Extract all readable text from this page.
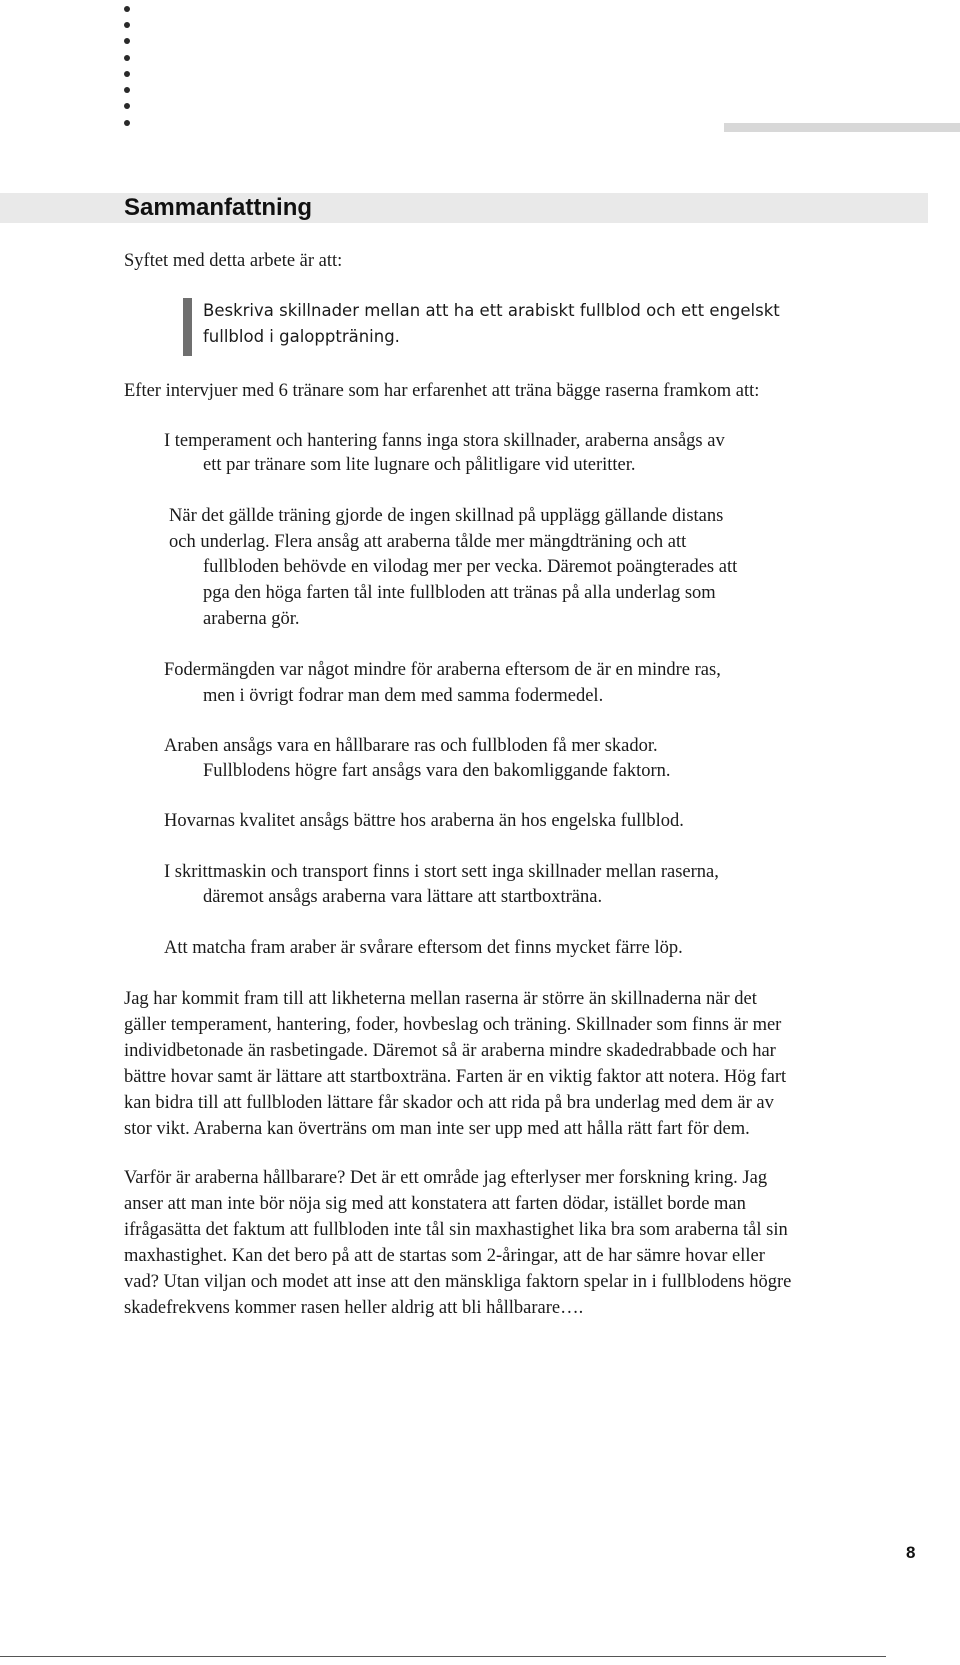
Sammanfattning

Syftet med detta arbete är att:

Beskriva skillnader mellan att ha ett arabiskt fullblod och ett engelskt

fullblod i galoppträning.

Efter intervjuer med 6 tränare som har erfarenhet att träna bägge raserna framkom att:

I temperament och hantering fanns inga stora skillnader, araberna ansågs av

ett par tränare som lite lugnare och pålitligare vid uteritter.

När det gällde träning gjorde de ingen skillnad på upplägg gällande distans

och underlag. Flera ansåg att araberna tålde mer mängdträning och att

fullbloden behövde en vilodag mer per vecka. Däremot poängterades att

pga den höga farten tål inte fullbloden att tränas på alla underlag som

araberna gör.

Fodermängden var något mindre för araberna eftersom de är en mindre ras,

men i övrigt fodrar man dem med samma fodermedel.

Araben ansågs vara en hållbarare ras och fullbloden få mer skador.

Fullblodens högre fart ansågs vara den bakomliggande faktorn.

Hovarnas kvalitet ansågs bättre hos araberna än hos engelska fullblod.

I skrittmaskin och transport finns i stort sett inga skillnader mellan raserna,

däremot ansågs araberna vara lättare att startboxträna.

Att matcha fram araber är svårare eftersom det finns mycket färre löp.

Jag har kommit fram till att likheterna mellan raserna är större än skillnaderna när det

gäller temperament, hantering, foder, hovbeslag och träning. Skillnader som finns är mer

individbetonade än rasbetingade. Däremot så är araberna mindre skadedrabbade och har

bättre hovar samt är lättare att startboxträna. Farten är en viktig faktor att notera. Hög fart

kan bidra till att fullbloden lättare får skador och att rida på bra underlag med dem är av

stor vikt. Araberna kan överträns om man inte ser upp med att hålla rätt fart för dem.

Varför är araberna hållbarare? Det är ett område jag efterlyser mer forskning kring. Jag

anser att man inte bör nöja sig med att konstatera att farten dödar, istället borde man

ifrågasätta det faktum att fullbloden inte tål sin maxhastighet lika bra som araberna tål sin

maxhastighet. Kan det bero på att de startas som 2-åringar, att de har sämre hovar eller

vad? Utan viljan och modet att inse att den mänskliga faktorn spelar in i fullblodens högre

skadefrekvens kommer rasen heller aldrig att bli hållbarare….

8
